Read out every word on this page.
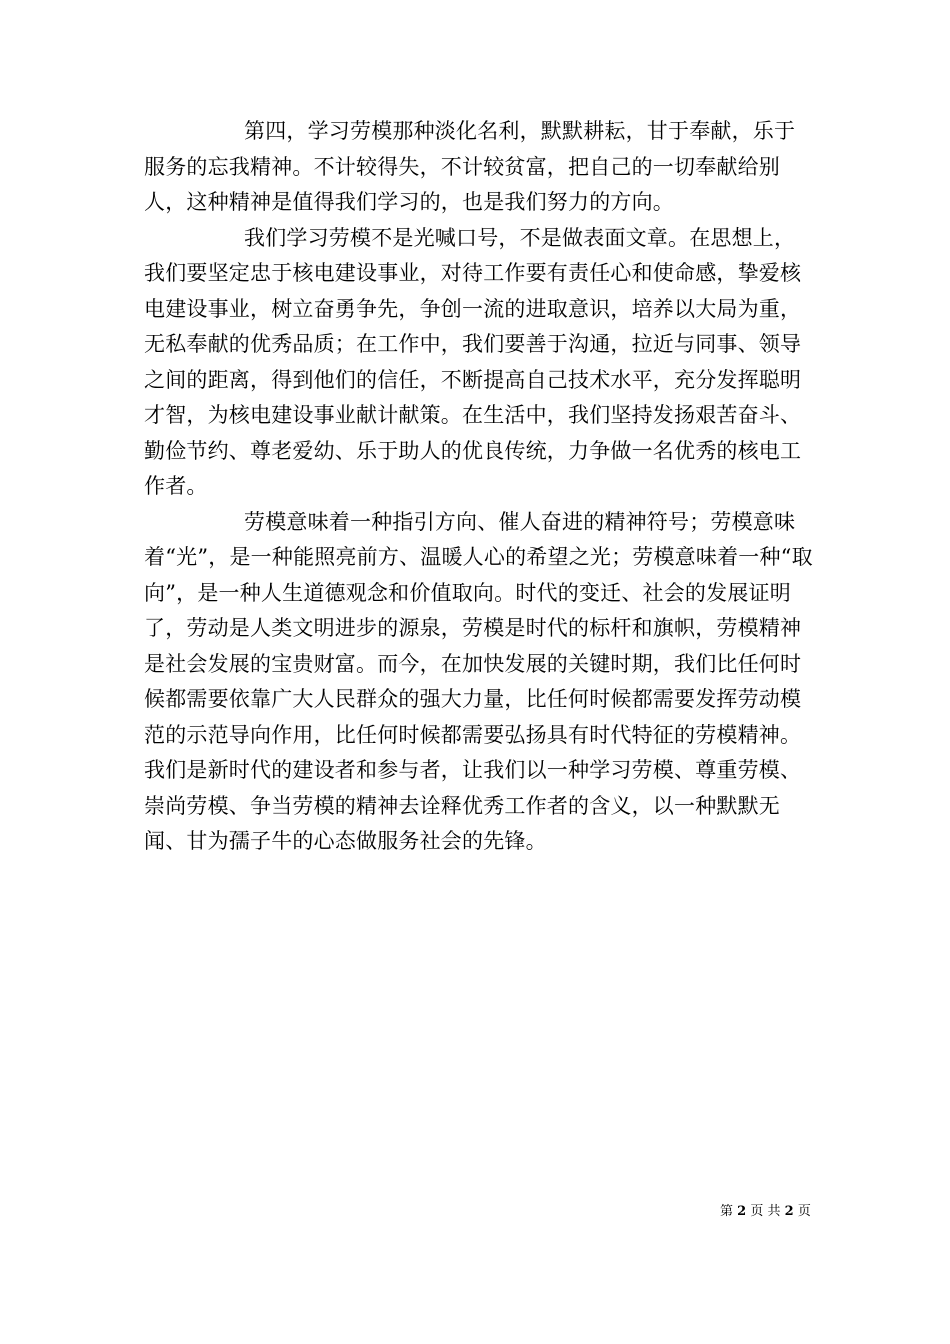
第四，学习劳模那种淡化名利，默默耕耘，甘于奉献，乐于服务的忘我精神。不计较得失，不计较贫富，把自己的一切奉献给别人，这种精神是值得我们学习的，也是我们努力的方向。

我们学习劳模不是光喊口号，不是做表面文章。在思想上，我们要坚定忠于核电建设事业，对待工作要有责任心和使命感，挚爱核电建设事业，树立奋勇争先，争创一流的进取意识，培养以大局为重，无私奉献的优秀品质；在工作中，我们要善于沟通，拉近与同事、领导之间的距离，得到他们的信任，不断提高自己技术水平，充分发挥聪明才智，为核电建设事业献计献策。在生活中，我们坚持发扬艰苦奋斗、勤俭节约、尊老爱幼、乐于助人的优良传统，力争做一名优秀的核电工作者。

劳模意味着一种指引方向、催人奋进的精神符号；劳模意味着“光”，是一种能照亮前方、温暖人心的希望之光；劳模意味着一种“取向”，是一种人生道德观念和价值取向。时代的变迁、社会的发展证明了，劳动是人类文明进步的源泉，劳模是时代的标杆和旗帜，劳模精神是社会发展的宝贵财富。而今，在加快发展的关键时期，我们比任何时候都需要依靠广大人民群众的强大力量，比任何时候都需要发挥劳动模范的示范导向作用，比任何时候都需要弘扬具有时代特征的劳模精神。我们是新时代的建设者和参与者，让我们以一种学习劳模、尊重劳模、崇尚劳模、争当劳模的精神去诠释优秀工作者的含义，以一种默默无闻、甘为孺子牛的心态做服务社会的先锋。

第 2 页 共 2 页
